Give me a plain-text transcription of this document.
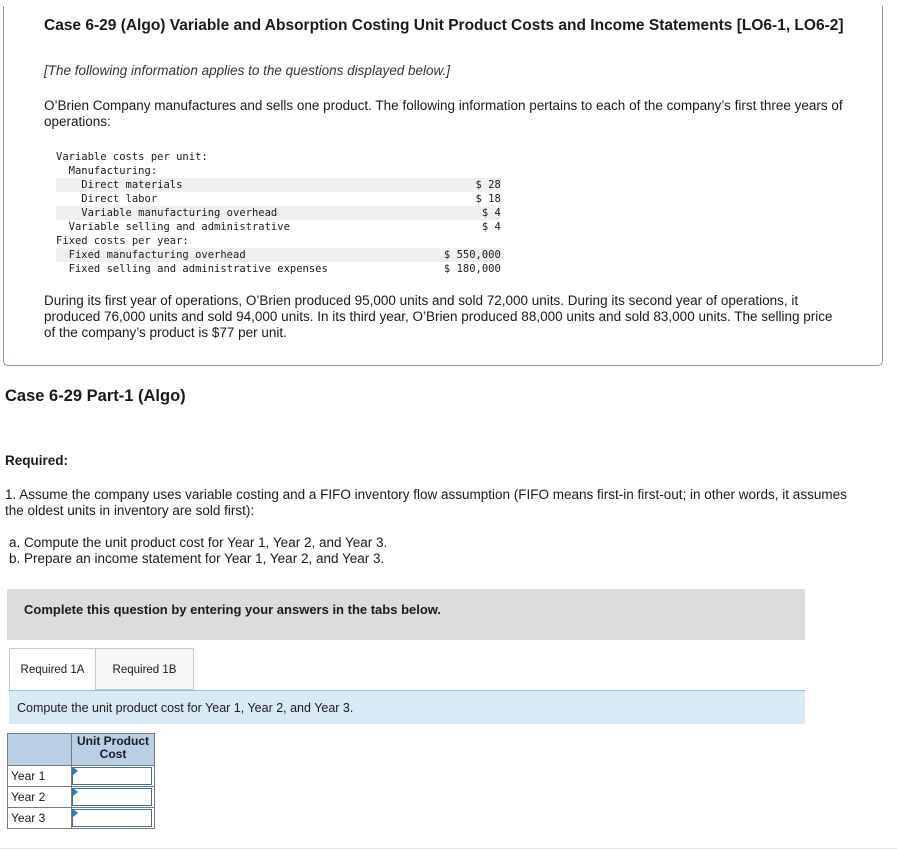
Case 6-29 (Algo) Variable and Absorption Costing Unit Product Costs and Income Statements [LO6-1, LO6-2]
[The following information applies to the questions displayed below.]
O’Brien Company manufactures and sells one product. The following information pertains to each of the company’s first three years of operations:
Variable costs per unit:		
Manufacturing:		
Direct materials		$ 28
Direct labor		$ 18
Variable manufacturing overhead		$ 4
Variable selling and administrative		$ 4
Fixed costs per year:		
Fixed manufacturing overhead		$ 550,000
Fixed selling and administrative expenses		$ 180,000
During its first year of operations, O’Brien produced 95,000 units and sold 72,000 units. During its second year of operations, it produced 76,000 units and sold 94,000 units. In its third year, O’Brien produced 88,000 units and sold 83,000 units. The selling price of the company’s product is $77 per unit.
Case 6-29 Part-1 (Algo)
Required:
1. Assume the company uses variable costing and a FIFO inventory flow assumption (FIFO means first-in first-out; in other words, it assumes the oldest units in inventory are sold first):
a. Compute the unit product cost for Year 1, Year 2, and Year 3.
b. Prepare an income statement for Year 1, Year 2, and Year 3.
Complete this question by entering your answers in the tabs below.
Required 1A	Required 1B
Compute the unit product cost for Year 1, Year 2, and Year 3.
	Unit Product Cost
Year 1	

Year 2	

Year 3	
